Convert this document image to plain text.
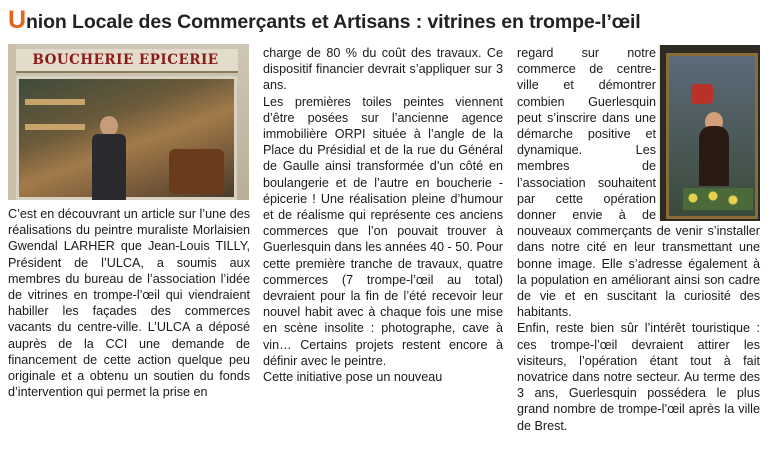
Union Locale des Commerçants et Artisans : vitrines en trompe-l’œil
BOUCHERIE EPICERIE

C’est en découvrant un article sur l’une des réalisations du peintre muraliste Morlaisien Gwendal LARHER que Jean-Louis TILLY, Président de l’ULCA, a soumis aux membres du bureau de l’association l’idée de vitrines en trompe-l’œil qui viendraient habiller les façades des commerces vacants du centre-ville. L’ULCA a déposé auprès de la CCI une demande de financement de cette action quelque peu originale et a obtenu un soutien du fonds d’intervention qui permet la prise en

charge de 80 % du coût des travaux. Ce dispositif financier devrait s’appliquer sur 3 ans.

Les premières toiles peintes viennent d’être posées sur l’ancienne agence immobilière ORPI située à l’angle de la Place du Présidial et de la rue du Général de Gaulle ainsi transformée d’un côté en boulangerie et de l’autre en boucherie - épicerie ! Une réalisation pleine d’humour et de réalisme qui représente ces anciens commerces que l’on pouvait trouver à Guerlesquin dans les années 40 - 50. Pour cette première tranche de travaux, quatre commerces (7 trompe-l’œil au total) devraient pour la fin de l’été recevoir leur nouvel habit avec à chaque fois une mise en scène insolite : photographe, cave à vin… Certains projets restent encore à définir avec le peintre.

Cette initiative pose un nouveau

regard sur notre commerce de centre-ville et démontrer combien Guerlesquin peut s’inscrire dans une démarche positive et dynamique. Les membres de l’association souhaitent par cette opération donner envie à de nouveaux commerçants de venir s’installer dans notre cité en leur transmettant une bonne image. Elle s’adresse également à la population en améliorant ainsi son cadre de vie et en suscitant la curiosité des habitants.

Enfin, reste bien sûr l’intérêt touristique : ces trompe-l’œil devraient attirer les visiteurs, l’opération étant tout à fait novatrice dans notre secteur. Au terme des 3 ans, Guerlesquin possédera le plus grand nombre de trompe-l’œil après la ville de Brest.
